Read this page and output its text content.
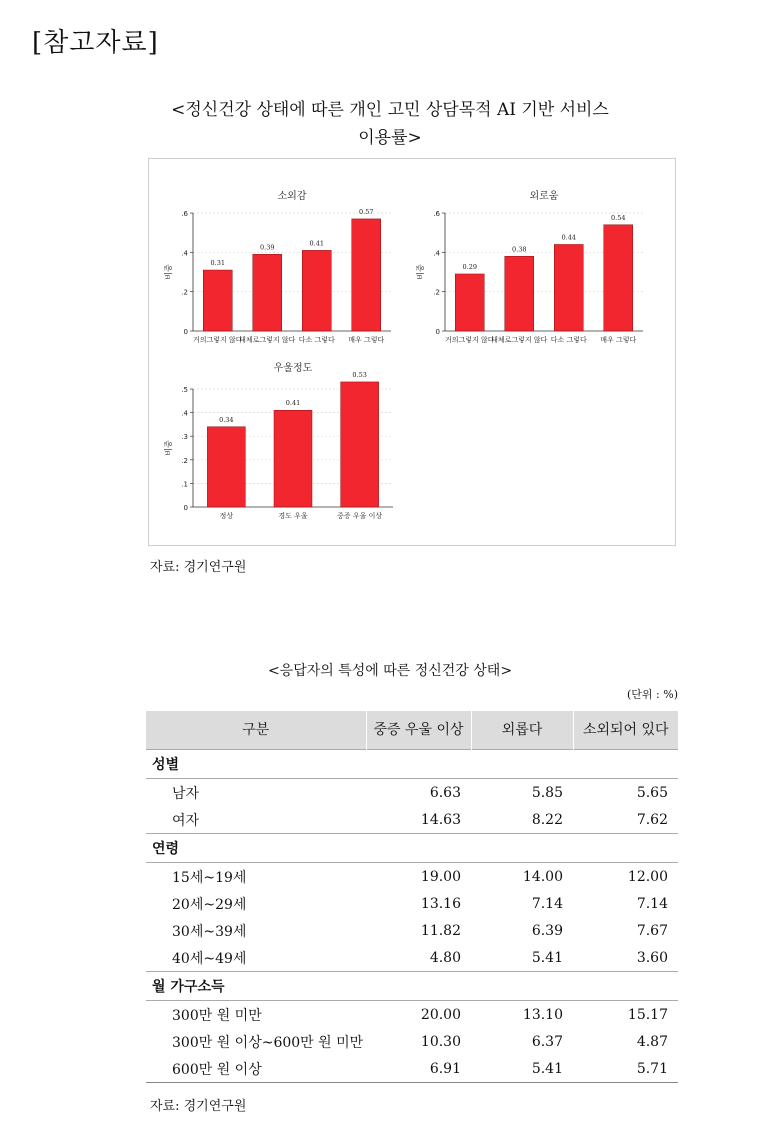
[참고자료]
<정신건강 상태에 따른 개인 고민 상담목적 AI 기반 서비스
이용률>
소외감
비중
0
.2
.4
.6
0.31
거의그렇지 않다
0.39
대체로그렇지 않다
0.41
다소 그렇다
0.57
매우 그렇다
외로움
비중
0
.2
.4
.6
0.29
거의그렇지 않다
0.38
대체로그렇지 않다
0.44
다소 그렇다
0.54
매우 그렇다
우울정도
비중
0
.1
.2
.3
.4
.5
0.34
정상
0.41
경도 우울
0.53
중증 우울 이상
자료: 경기연구원
<응답자의 특성에 따른 정신건강 상태>
(단위 : %)
구분	중증 우울 이상	외롭다	소외되어 있다
성별			
남자	6.63	5.85	5.65
여자	14.63	8.22	7.62
연령			
15세~19세	19.00	14.00	12.00
20세~29세	13.16	7.14	7.14
30세~39세	11.82	6.39	7.67
40세~49세	4.80	5.41	3.60
월 가구소득			
300만 원 미만	20.00	13.10	15.17
300만 원 이상~600만 원 미만	10.30	6.37	4.87
600만 원 이상	6.91	5.41	5.71
자료: 경기연구원
